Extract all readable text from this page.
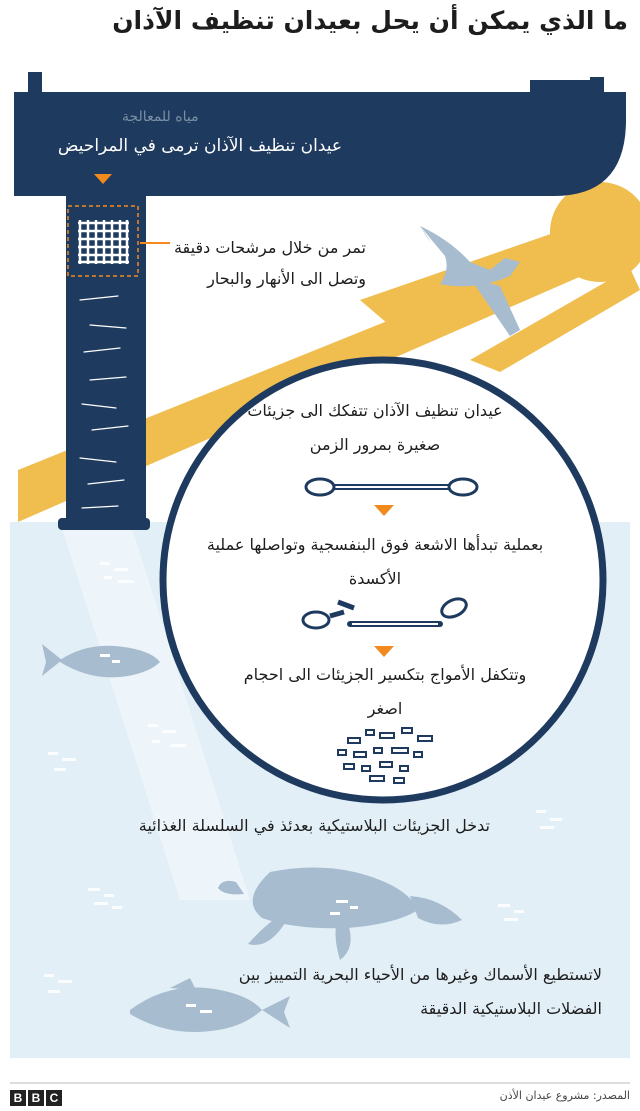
ما الذي يمكن أن يحل بعيدان تنظيف الآذان
منشأة تصفية
مياه للمعالجة
عيدان تنظيف الآذان ترمى في المراحيض
تمر من خلال مرشحات دقيقة وتصل الى الأنهار والبحار
عيدان تنظيف الآذان تتفكك الى جزيئات صغيرة بمرور الزمن
بعملية تبدأها الاشعة فوق البنفسجية وتواصلها عملية الأكسدة
وتتكفل الأمواج بتكسير الجزيئات الى احجام اصغر
تدخل الجزيئات البلاستيكية بعدئذ في السلسلة الغذائية
لاتستطيع الأسماك وغيرها من الأحياء البحرية التمييز بين الفضلات البلاستيكية الدقيقة
المصدر: مشروع عيدان الأذن
B B C
